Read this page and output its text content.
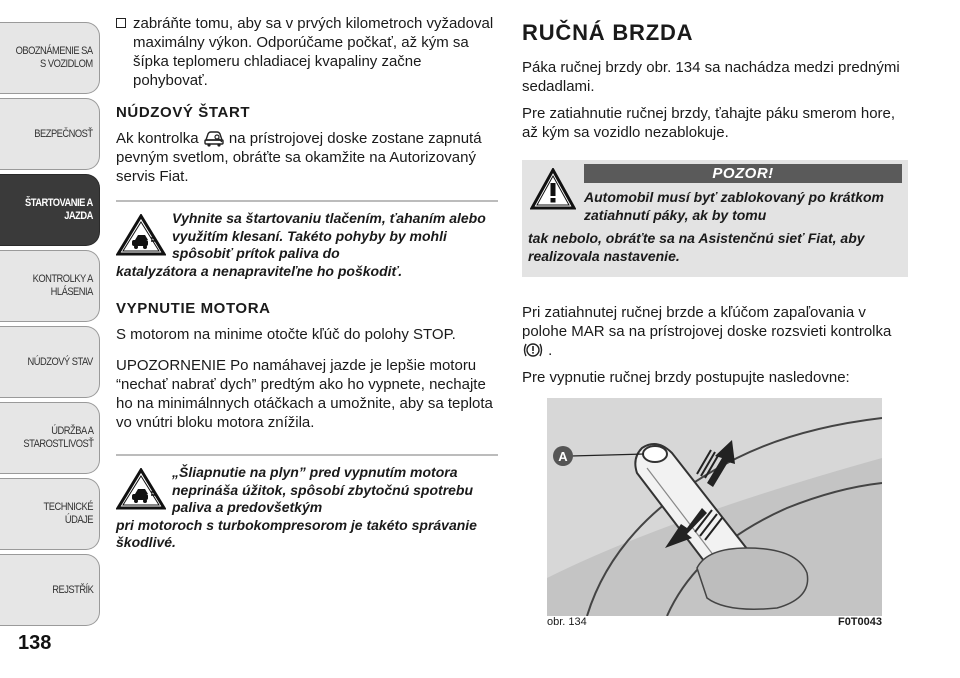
OBOZNÁMENIE SA
S VOZIDLOM
BEZPEČNOSŤ
ŠTARTOVANIE A
JAZDA
KONTROLKY A
HLÁSENIA
NÚDZOVÝ STAV
ÚDRŽBA A
STAROSTLIVOSŤ
TECHNICKÉ ÚDAJE
REJSTŘÍK
138

zabráňte tomu, aby sa v prvých kilometroch vyžadoval maximálny výkon. Odporúčame počkať, až kým sa šípka teplomeru chladiacej kvapaliny začne pohybovať.

NÚDZOVÝ ŠTART

Ak kontrolka na prístrojovej doske zostane zapnutá pevným svetlom, obráťte sa okamžite na Autorizovaný servis Fiat.

Vyhnite sa štartovaniu tlačením, ťahaním alebo využitím klesaní. Takéto pohyby by mohli spôsobiť prítok paliva do

katalyzátora a nenapraviteľne ho poškodiť.

VYPNUTIE MOTORA

S motorom na minime otočte kľúč do polohy STOP.

UPOZORNENIE Po namáhavej jazde je lepšie motoru “nechať nabrať dych” predtým ako ho vypnete, nechajte ho na minimálnnych otáčkach a umožnite, aby sa teplota vo vnútri bloku motora znížila.

„Šliapnutie na plyn” pred vypnutím motora neprináša úžitok, spôsobí zbytočnú spotrebu paliva a predovšetkým

pri motoroch s turbokompresorom je takéto správanie škodlivé.

RUČNÁ BRZDA

Páka ručnej brzdy obr. 134 sa nachádza medzi prednými sedadlami.

Pre zatiahnutie ručnej brzdy, ťahajte páku smerom hore, až kým sa vozidlo nezablokuje.

POZOR!

Automobil musí byť zablokovaný po krátkom zatiahnutí páky, ak by tomu

tak nebolo, obráťte sa na Asistenčnú sieť Fiat, aby realizovala nastavenie.

Pri zatiahnutej ručnej brzde a kľúčom zapaľovania v polohe MAR sa na prístrojovej doske rozsvieti kontrolka  .

Pre vypnutie ručnej brzdy postupujte nasledovne:

A
obr. 134	F0T0043
